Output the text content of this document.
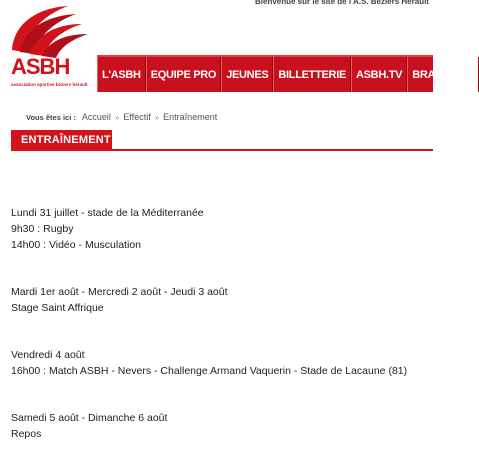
Bienvenue sur le site de l'A.S. Béziers Hérault
ASBH
association sportive béziers hérault
L'ASBH EQUIPE PRO JEUNES BILLETTERIE ASBH.TV BRASSERIE
Vous êtes ici : Accueil » Effectif » Entraînement
ENTRAÎNEMENT

Lundi 31 juillet - stade de la Méditerranée

9h30 : Rugby

14h00 : Vidéo - Musculation

Mardi 1er août - Mercredi 2 août - Jeudi 3 août

Stage Saint Affrique

Vendredi 4 août

16h00 : Match ASBH - Nevers - Challenge Armand Vaquerin - Stade de Lacaune (81)

Samedi 5 août - Dimanche 6 août

Repos
